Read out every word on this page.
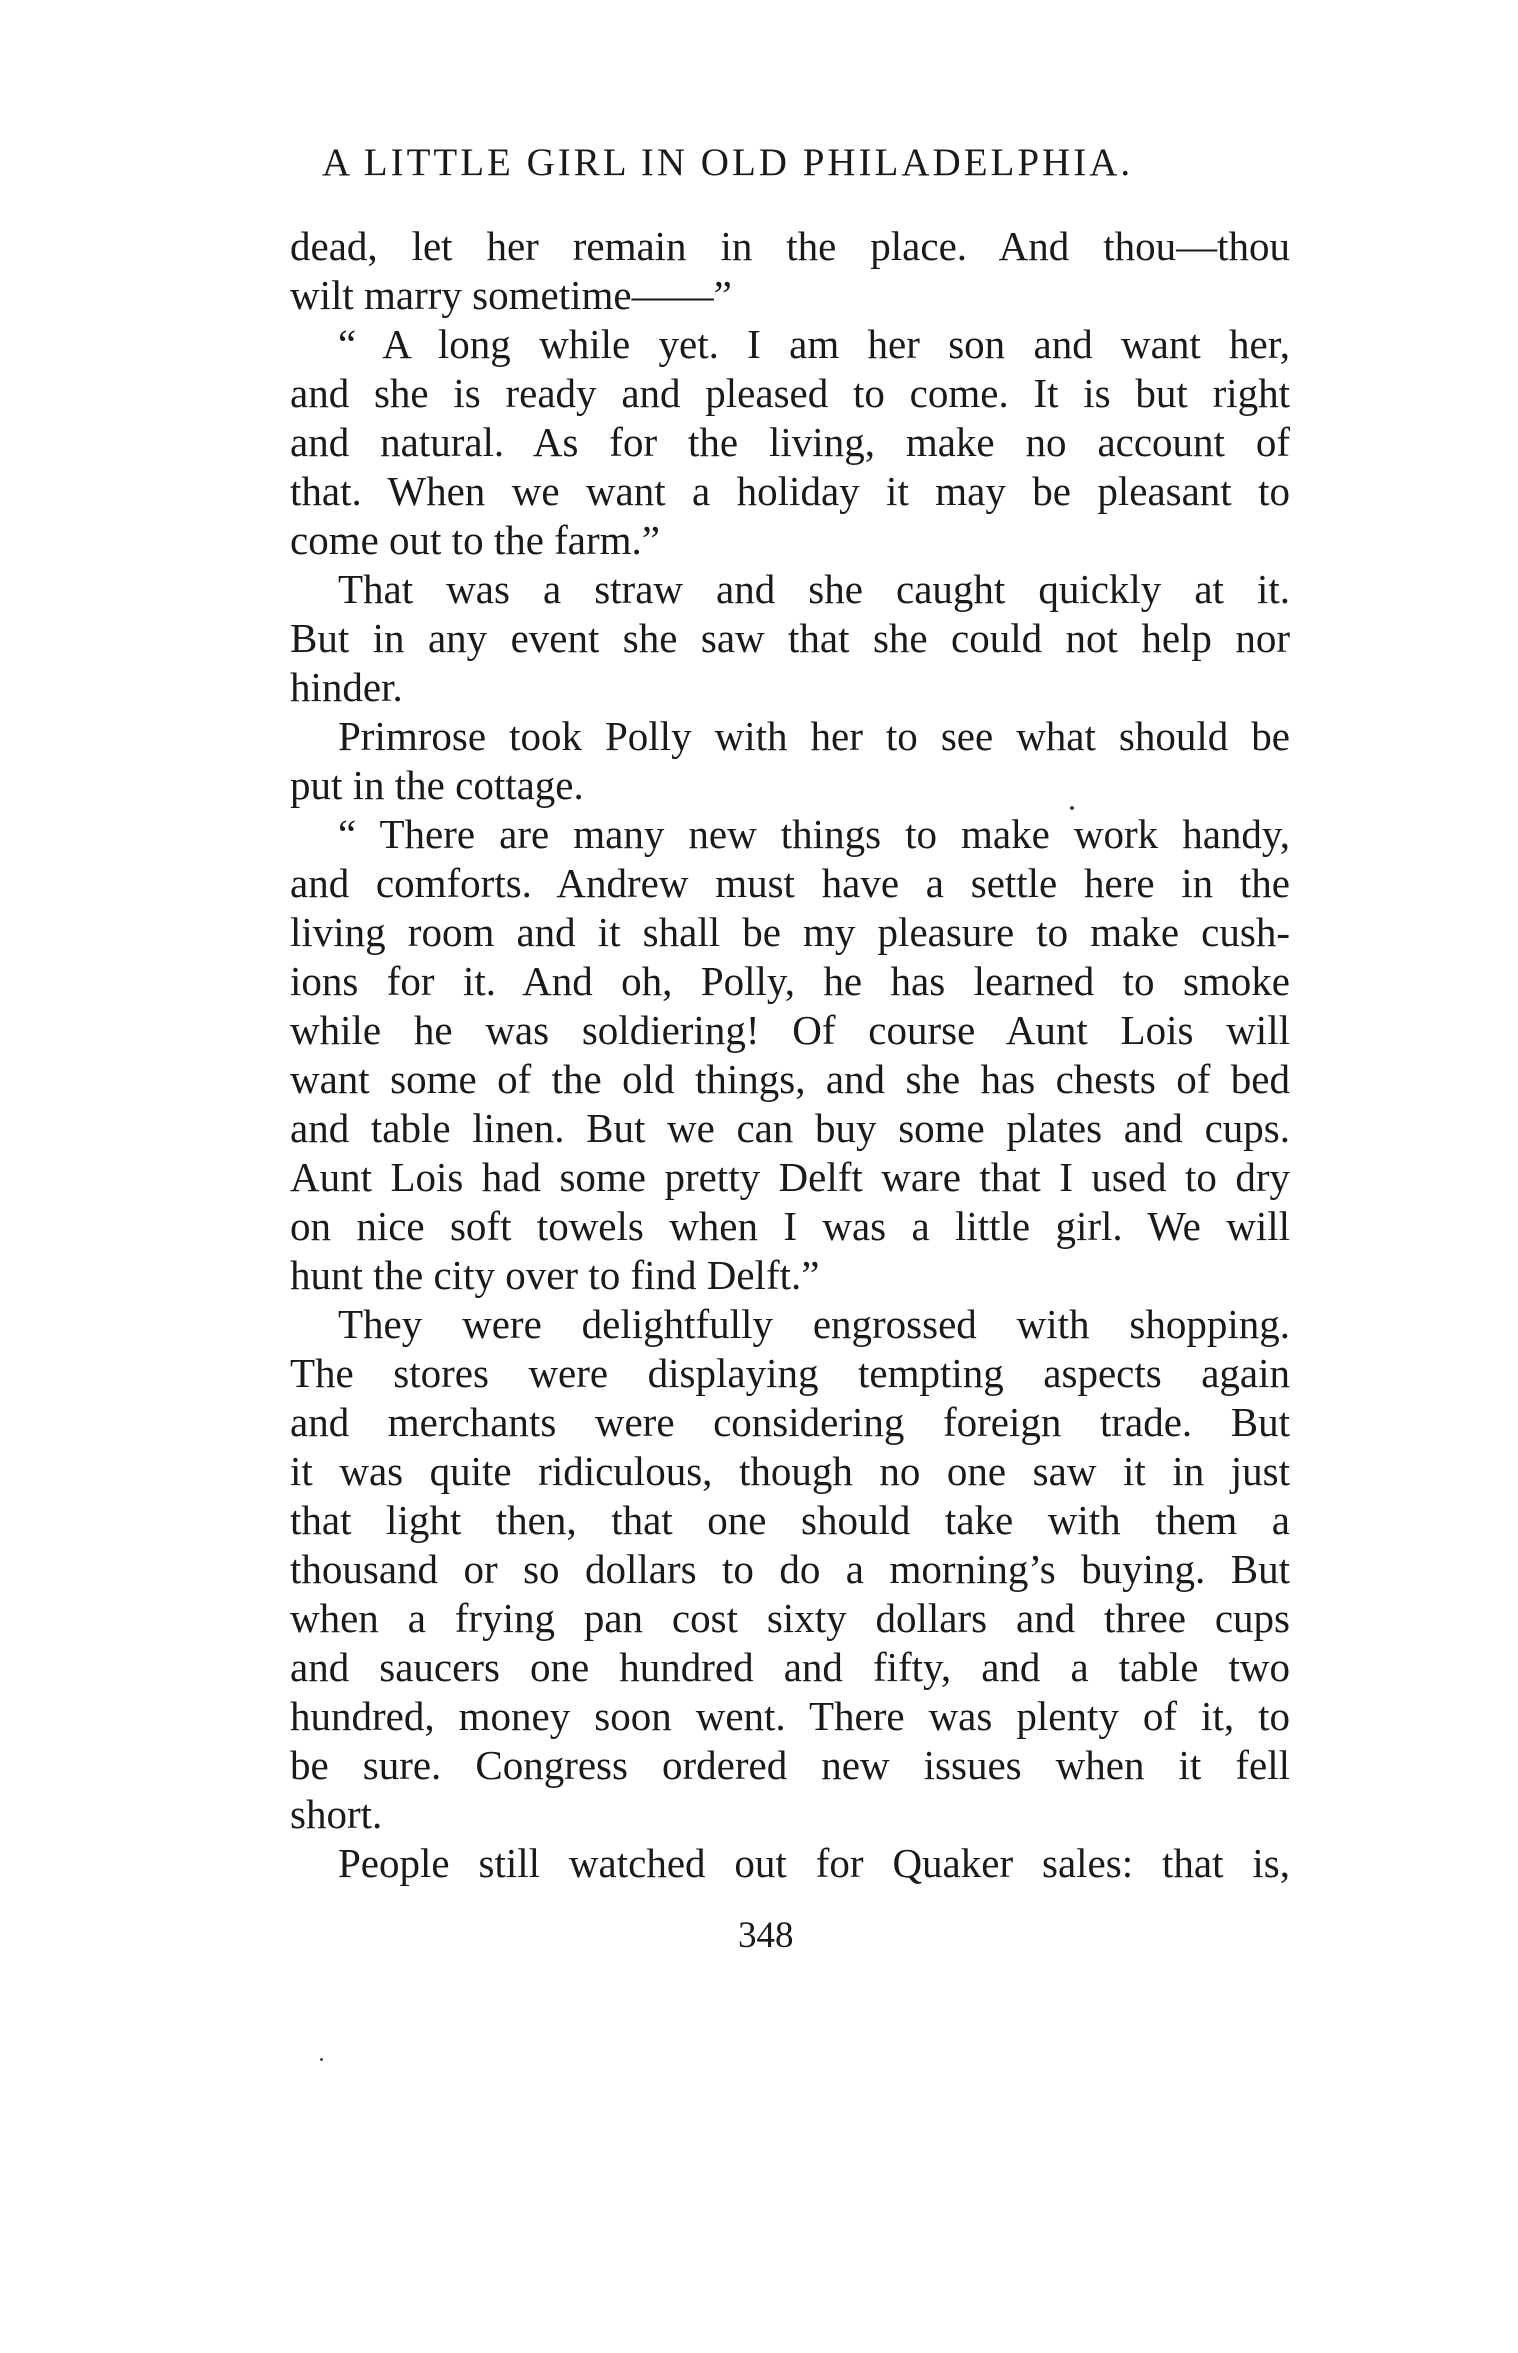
A LITTLE GIRL IN OLD PHILADELPHIA.
dead, let her remain in the place. And thou—thou
wilt marry sometime——”
“ A long while yet. I am her son and want her,
and she is ready and pleased to come. It is but right
and natural. As for the living, make no account of
that. When we want a holiday it may be pleasant to
come out to the farm.”
That was a straw and she caught quickly at it.
But in any event she saw that she could not help nor
hinder.
Primrose took Polly with her to see what should be
put in the cottage.
“ There are many new things to make work handy,
and comforts. Andrew must have a settle here in the
living room and it shall be my pleasure to make cush-
ions for it. And oh, Polly, he has learned to smoke
while he was soldiering! Of course Aunt Lois will
want some of the old things, and she has chests of bed
and table linen. But we can buy some plates and cups.
Aunt Lois had some pretty Delft ware that I used to dry
on nice soft towels when I was a little girl. We will
hunt the city over to find Delft.”
They were delightfully engrossed with shopping.
The stores were displaying tempting aspects again
and merchants were considering foreign trade. But
it was quite ridiculous, though no one saw it in just
that light then, that one should take with them a
thousand or so dollars to do a morning’s buying. But
when a frying pan cost sixty dollars and three cups
and saucers one hundred and fifty, and a table two
hundred, money soon went. There was plenty of it, to
be sure. Congress ordered new issues when it fell
short.
People still watched out for Quaker sales: that is,
348
